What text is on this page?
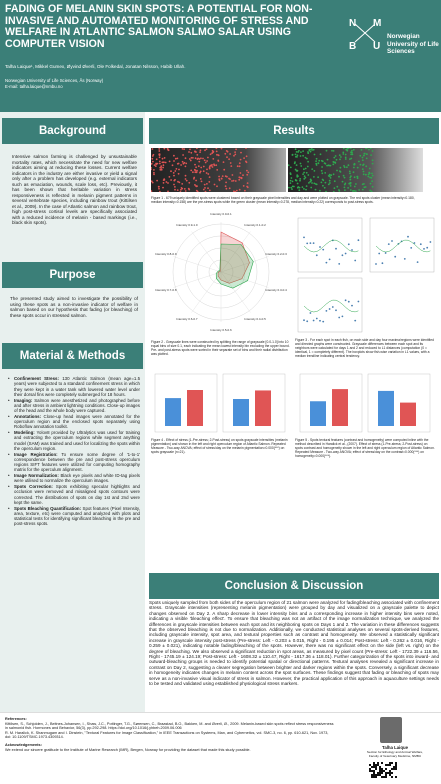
FADING OF MELANIN SKIN SPOTS: A POTENTIAL FOR NON-INVASIVE AND AUTOMATED MONITORING OF STRESS AND WELFARE IN ATLANTIC SALMON SALMO SALAR USING COMPUTER VISION
Talha Laique¹, Mikkel Gumex, Øyvind Øverli, Ole Folkedal, Jonatan Nilsson, Habib Ullah.
Norwegian University of Life Sciences, Ås (Norway)
E-mail: talha.laique@nmbu.no
N M
B U
Norwegian University of Life Sciences
Background
Intensive salmon farming is challenged by unsustainable mortality rates, which necessitate the need for new welfare indicators aiming at reducing these losses. Current welfare indicators in the industry are either invasive or yield a signal only after a problem has developed (e.g. external indicators such as emaciation, wounds, scale loss, etc). Previously, it has been shown that heritable variation in stress responsiveness is reflected in melanin pigment patterns in several vertebrate species, including rainbow trout (Kittilsen et al., 2009). In the case of Atlantic salmon and rainbow trout, high post-stress cortisol levels are specifically associated with a reduced incidence of melanin - based markings (i.e., black skin spots).
Purpose
The presented study aimed to investigate the possibility of using these spots as a non-invasive indicator of welfare in salmon based on our hypothesis that fading (or bleaching) of these spots occur in stressed salmon.
Material & Methods
• Confinement Stress: 130 Atlantic Salmon (mean age=1.5 years) were subjected to a standard confinement stress in which they were kept in a water tank with lowered water level under their dorsal fins were completely submerged for 18 hours.
• Imaging: Salmon were anesthetized and photographed before and after stress in ambient lightning conditions. Close-up images of the head and the whole body were captured.
• Annotations: Close-up head images were annotated for the operculum region and the enclosed spots separately using Roboflow annotation toolkit.
• Modeling: Yolov8 provided by Ultralytics was used for training and extracting the operculum regions while segment anything model (SAM) was trained and used for localizing the spots within the operculum region.
• Image Registration: To ensure some degree of '1-to-1' correspondence between the pre and post-stress operculum regions SIFT features were utilized for computing homography matrix for the operculum alignment.
• Image Normalization: Black eye pixels and white ID-tag pixels were utilised to normalize the operculum images.
• Spots Correction: Spots exhibiting specular highlights and occlusion were removed and misaligned spots contours were corrected. The distributions of spots on day 1st and 2nd were kept the same.
• Spots Bleaching Quantification: Spot features (Pixel Intensity, area, texture, etc) were computed and analyzed with plots and statistical tests for identifying significant bleaching in the pre and post-stress spots.
Results
Figure 1 - 679 uniquely identified spots were clustered based on their grayscale pixel intensities and day and were plotted on grayscale. The red spots cluster (mean intensity=0.180, median intensity=0.158) are the pre-stress spots while the green cluster (mean intensity=0.278, median intensity=0.22) corresponds to post-stress spots.
Intensity 0.0-0.1
Intensity 0.1-0.2
Intensity 0.2-0.3
Intensity 0.3-0.4
Intensity 0.4-0.5
Intensity 0.5-0.6
Intensity 0.6-0.7
Intensity 0.7-0.8
Intensity 0.8-0.9
Intensity 0.9-1.0
Figure 2 - Grayscale lines were constructed by splitting the range of grayscale [0.0-1.0] into 10 equal bins of size 0.1, each indicating the mean lowest intensity bin excluding the upper bound. Pre- and post-stress spots were sorted in their separate set of bins and their radial distribution was plotted.
Figure 3 - For each spot in each fish, on each side and day four maxima/regions were identified and directed graphs were constructed. Grayscale differences between each spot and its neighbors were calculated for days 1 and 2 and reduced to L1 distances (computation (0 = identical, 1 = completely different). The boxplots show fish-wise variation in L1 values, with a median trendline indicating central tendency.
Figure 4 - Effect of stress (1-Pre-stress; 2-Post-stress) on spots grayscale intensities (melanin pigmentation) and shown in the left and right operculum region of Atlantic Salmon. Repeated Measure - Two-way ANOVA; effect of stress/day on the melanin pigmentation=0.000(***) on spots grayscale (n=21).
Figure 5 - Spots textural features (contrast and homogeneity) were computed inline with the method described in Haralick et al., (2007). Effect of stress (1-Pre-stress; 2-Post-stress) on spots contrast and homogeneity shown in the left and right operculum region of Atlantic Salmon. Repeated Measure - Two-way ANOVA; effect of stress/day on the contrast=0.000(***) on homogeneity=0.000(***).
Conclusion & Discussion
Spots uniquely sampled from both sides of the operculum region of 21 salmon were analyzed for fading/bleaching associated with confinement stress. Grayscale intensities (representing melanin pigmentation) were grouped by day and visualized on a grayscale palette to depict changes observed on Day 2. A sharp decrease in lower intensity bins and a corresponding increase in higher intensity bins were noted, indicating a visible 'bleaching effect'. To ensure that bleaching was not an artifact of the image normalization technique, we analyzed the differences in grayscale intensities between each spot and its neighboring spots on Days 1 and 2. The variation in these differences suggests that the observed bleaching is not due to normalization. Additionally, we conducted statistical analyses on several spots-derived features, including grayscale intensity, spot area, and textural properties such as contrast and homogeneity. We observed a statistically significant increase in grayscale intensity post-stress (Pre-stress: Left - 0.203 ± 0.015, Right - 0.195 ± 0.014; Post-stress: Left - 0.262 ± 0.016, Right - 0.259 ± 0.021), indicating notable fading/bleaching of the spots. However, there was no significant effect on the side (left vs. right) on the degree of bleaching. We also observed a significant reduction in spot areas, as measured by pixel count (Pre-stress: Left - 1722.39 ± 116.56, Right - 1745.19 ± 124.19; Post-stress: Left - 1608.32 ± 110.47, Right - 1617.36 ± 118.01). Further categorization of the spots into inward- and outward-bleaching groups is needed to identify potential spatial or directional patterns. Textural analyses revealed a significant increase in contrast on Day 2, suggesting a clearer segregation between brighter and darker regions within the spots. Conversely, a significant decrease in homogeneity indicates changes in melanin content across the spot surfaces. These findings suggest that fading or bleaching of spots may serve as a non-invasive visual indicator of stress in salmon. However, the practical application of this approach in aquaculture settings needs to be tested and validated using established physiological stress markers.
References:
Kittilsen, S., Schjolden, J., Beitnes-Johansen, I., Shaw, J.C., Pottinger, T.G., Sørensen, C., Braastad, B.O., Bakken, M. and Øverli, Ø., 2009. Melanin-based skin spots reflect stress responsiveness in salmonid fish. Hormones and Behavior, 56(3), pp.292-298. https://doi.org/10.1016/j.yhbeh.2009.06.006
R. M. Haralick, K. Shanmugam and I. Dinstein, "Textural Features for Image Classification," in IEEE Transactions on Systems, Man, and Cybernetics, vol. SMC-3, no. 6, pp. 610-621, Nov. 1973, doi: 10.1109/TSMC.1973.4309314.
Acknowledgements:
We extend our sincere gratitude to the Institute of Marine Research (IMR), Bergen, Norway for providing the dataset that made this study possible.	Talha Laique
Section for Ethology and Animal Welfare, Faculty of Veterinary Medicine, NMBU
